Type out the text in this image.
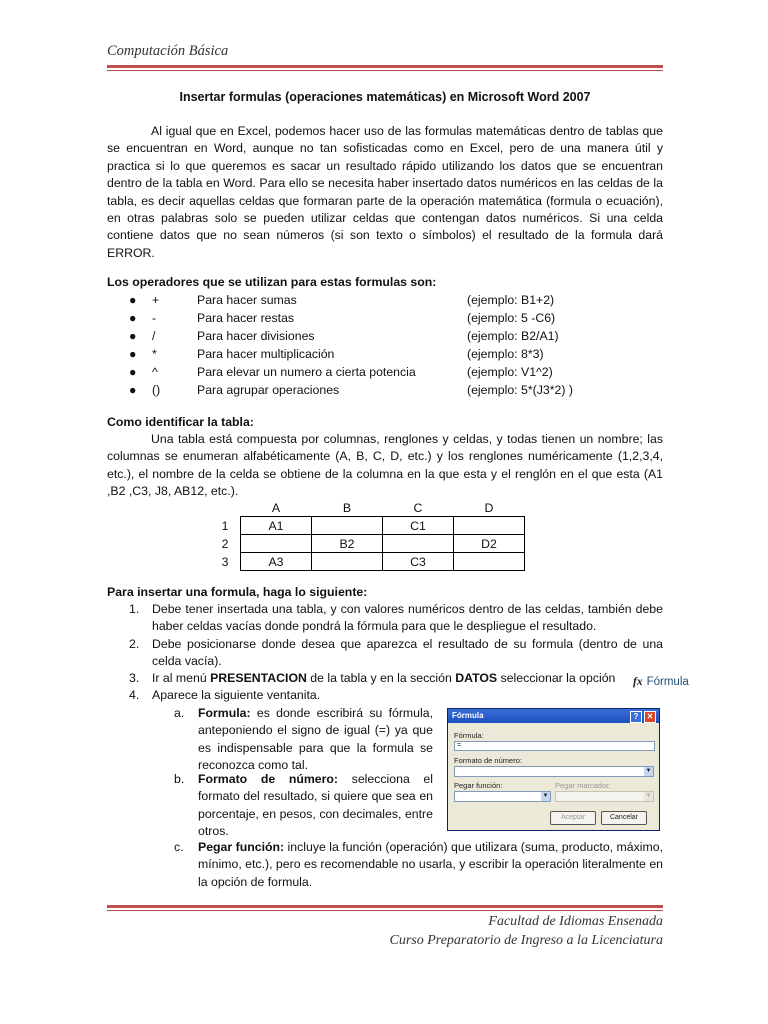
Computación Básica
Insertar formulas (operaciones matemáticas) en Microsoft Word 2007
Al igual que en Excel, podemos hacer uso de las formulas matemáticas dentro de tablas que se encuentran en Word, aunque no tan sofisticadas como en Excel, pero de una manera útil y practica si lo que queremos es sacar un resultado rápido utilizando los datos que se encuentran dentro de la tabla en Word. Para ello se necesita haber insertado datos numéricos en las celdas de la tabla, es decir aquellas celdas que formaran parte de la operación matemática (formula o ecuación), en otras palabras solo se pueden utilizar celdas que contengan datos numéricos. Si una celda contiene datos que no sean números (si son texto o símbolos) el resultado de la formula dará ERROR.
Los operadores que se utilizan para estas formulas son:
● +	Para hacer sumas	(ejemplo: B1+2)
● -	Para hacer restas	(ejemplo: 5 -C6)
● /	Para hacer divisiones	(ejemplo: B2/A1)
● *	Para hacer multiplicación	(ejemplo: 8*3)
● ^	Para elevar un numero a cierta potencia	(ejemplo: V1^2)
● ()	Para agrupar operaciones	(ejemplo: 5*(J3*2) )
Como identificar la tabla:
Una tabla está compuesta por columnas, renglones y celdas, y todas tienen un nombre; las columnas se enumeran alfabéticamente (A, B, C, D, etc.) y los renglones numéricamente (1,2,3,4, etc.), el nombre de la celda se obtiene de la columna en la que esta y el renglón en el que esta (A1 ,B2 ,C3, J8, AB12, etc.).
	A	B	C	D
1	A1		C1	
2		B2		D2
3	A3		C3	
Para insertar una formula, haga lo siguiente:
1. Debe tener insertada una tabla, y con valores numéricos dentro de las celdas, también debe haber celdas vacías donde pondrá la fórmula para que le despliegue el resultado.
2. Debe posicionarse donde desea que aparezca el resultado de su formula (dentro de una celda vacía).
3. Ir al menú PRESENTACION de la tabla y en la sección DATOS seleccionar la opción	fx Fórmula
4. Aparece la siguiente ventanita.
a. Formula: es donde escribirá su fórmula, anteponiendo el signo de igual (=) ya que es indispensable para que la formula se reconozca como tal.
b. Formato de número: selecciona el formato del resultado, si quiere que sea en porcentaje, en pesos, con decimales, entre otros.
c. Pegar función: incluye la función (operación) que utilizara (suma, producto, máximo, mínimo, etc.), pero es recomendable no usarla, y escribir la operación literalmente en la opción de formula.
Fórmula	?	✕
Fórmula:
=
Formato de número:
▼
Pegar función:	Pegar marcador:
▼	▼
Aceptar	Cancelar
Facultad de Idiomas Ensenada
Curso Preparatorio de Ingreso a la Licenciatura
